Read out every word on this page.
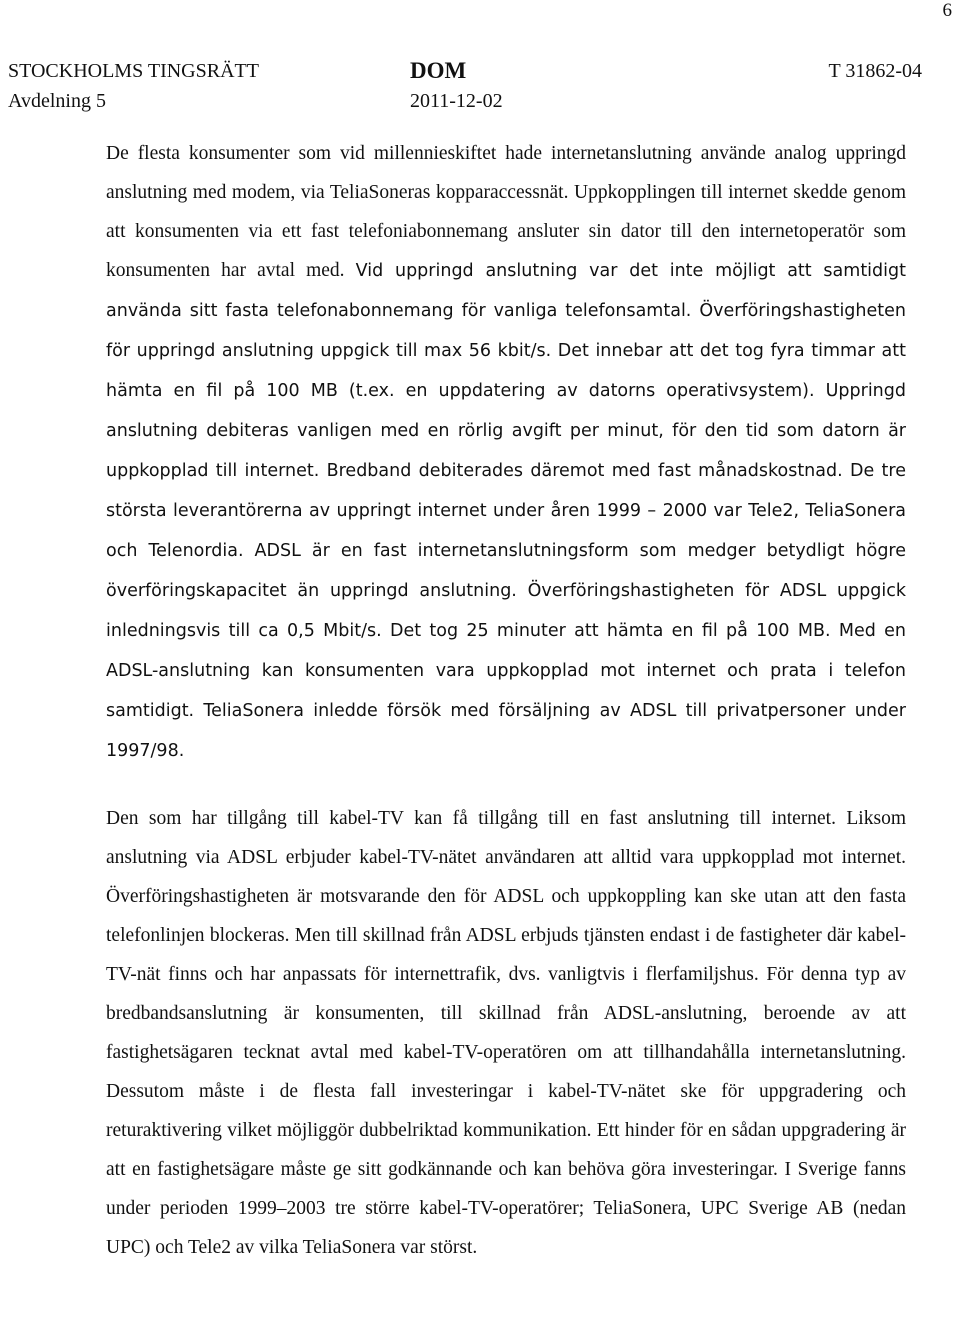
6
STOCKHOLMS TINGSRÄTT
Avdelning 5
DOM
2011-12-02
T 31862-04

De flesta konsumenter som vid millennieskiftet hade internetanslutning använde analog uppringd anslutning med modem, via TeliaSoneras kopparaccessnät. Uppkopplingen till internet skedde genom att konsumenten via ett fast telefoniabonnemang ansluter sin dator till den internetoperatör som konsumenten har avtal med. Vid uppringd anslutning var det inte möjligt att samtidigt använda sitt fasta telefonabonnemang för vanliga telefonsamtal. Överföringshastigheten för uppringd anslutning uppgick till max 56 kbit/s. Det innebar att det tog fyra timmar att hämta en fil på 100 MB (t.ex. en uppdatering av datorns operativsystem). Uppringd anslutning debiteras vanligen med en rörlig avgift per minut, för den tid som datorn är uppkopplad till internet. Bredband debiterades däremot med fast månadskostnad. De tre största leverantörerna av uppringt internet under åren 1999 – 2000 var Tele2, TeliaSonera och Telenordia. ADSL är en fast internetanslutningsform som medger betydligt högre överföringskapacitet än uppringd anslutning. Överföringshastigheten för ADSL uppgick inledningsvis till ca 0,5 Mbit/s. Det tog 25 minuter att hämta en fil på 100 MB. Med en ADSL-anslutning kan konsumenten vara uppkopplad mot internet och prata i telefon samtidigt. TeliaSonera inledde försök med försäljning av ADSL till privatpersoner under 1997/98.

Den som har tillgång till kabel-TV kan få tillgång till en fast anslutning till internet. Liksom anslutning via ADSL erbjuder kabel-TV-nätet användaren att alltid vara uppkopplad mot internet. Överföringshastigheten är motsvarande den för ADSL och uppkoppling kan ske utan att den fasta telefonlinjen blockeras. Men till skillnad från ADSL erbjuds tjänsten endast i de fastigheter där kabel-TV-nät finns och har anpassats för internettrafik, dvs. vanligtvis i flerfamiljshus. För denna typ av bredbandsanslutning är konsumenten, till skillnad från ADSL-anslutning, beroende av att fastighetsägaren tecknat avtal med kabel-TV-operatören om att tillhandahålla internetanslutning. Dessutom måste i de flesta fall investeringar i kabel-TV-nätet ske för uppgradering och returaktivering vilket möjliggör dubbelriktad kommunikation. Ett hinder för en sådan uppgradering är att en fastighetsägare måste ge sitt godkännande och kan behöva göra investeringar. I Sverige fanns under perioden 1999–2003 tre större kabel-TV-operatörer; TeliaSonera, UPC Sverige AB (nedan UPC) och Tele2 av vilka TeliaSonera var störst.
